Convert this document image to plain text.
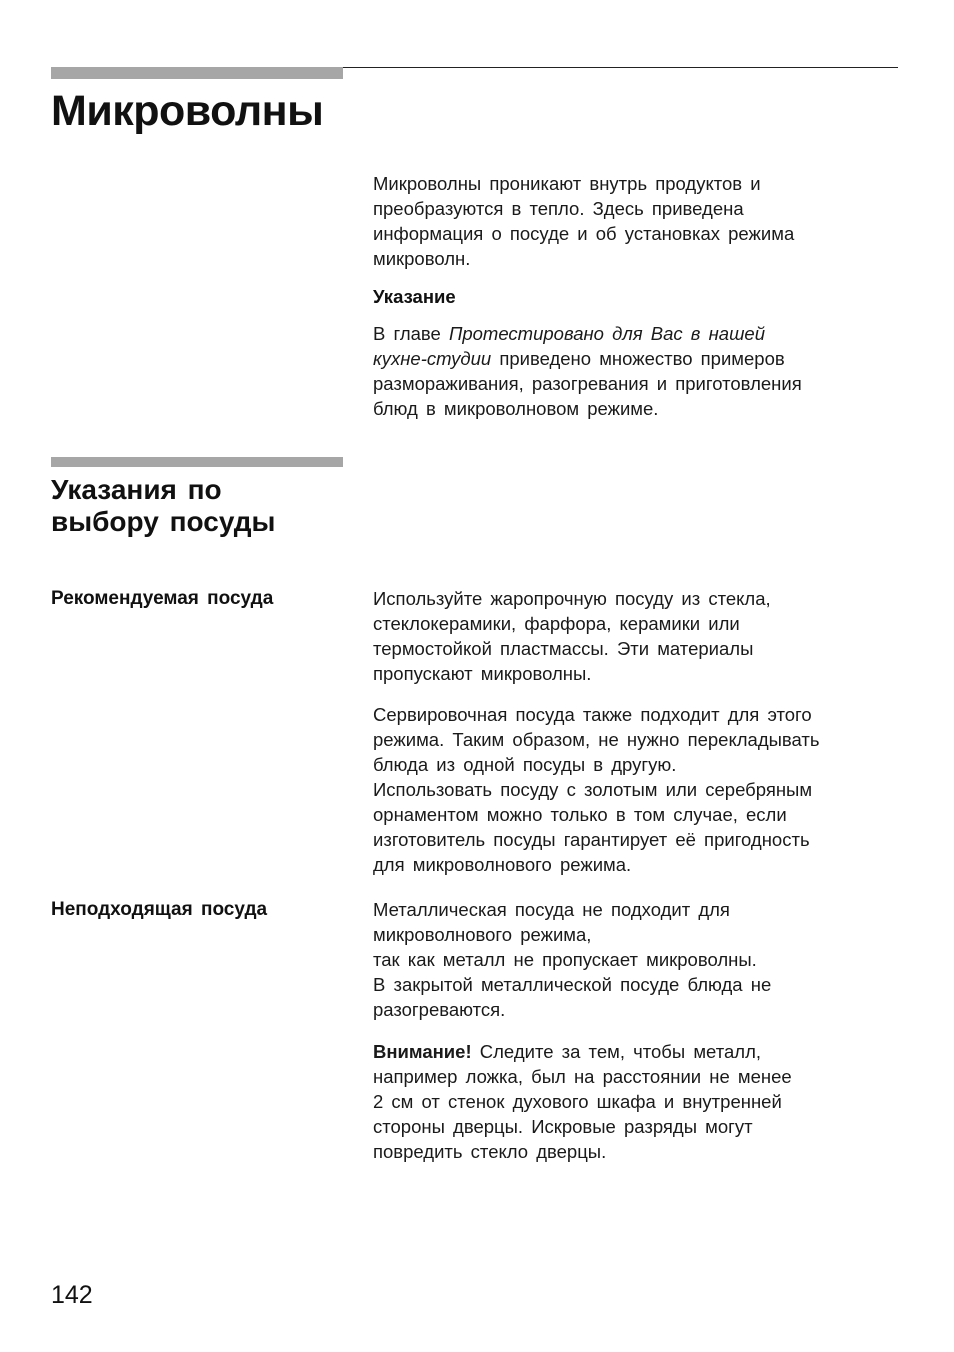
Микроволны

Микроволны проникают внутрь продуктов и
преобразуются в тепло. Здесь приведена
информация о посуде и об установках режима
микроволн.

Указание

В главе Протестировано для Вас в нашей
кухне-студии приведено множество примеров
размораживания, разогревания и приготовления
блюд в микроволновом режиме.

Указания по
выбору посуды

Рекомендуемая посуда	Используйте жаропрочную посуду из стекла,
стеклокерамики, фарфора, керамики или
термостойкой пластмассы. Эти материалы
пропускают микроволны.

Сервировочная посуда также подходит для этого
режима. Таким образом, не нужно перекладывать
блюда из одной посуды в другую.
Использовать посуду с золотым или серебряным
орнаментом можно только в том случае, если
изготовитель посуды гарантирует её пригодность
для микроволнового режима.

Неподходящая посуда	Металлическая посуда не подходит для
микроволнового режима,
так как металл не пропускает микроволны.
В закрытой металлической посуде блюда не
разогреваются.

Внимание! Следите за тем, чтобы металл,
например ложка, был на расстоянии не менее
2 см от стенок духового шкафа и внутренней
стороны дверцы. Искровые разряды могут
повредить стекло дверцы.

142
